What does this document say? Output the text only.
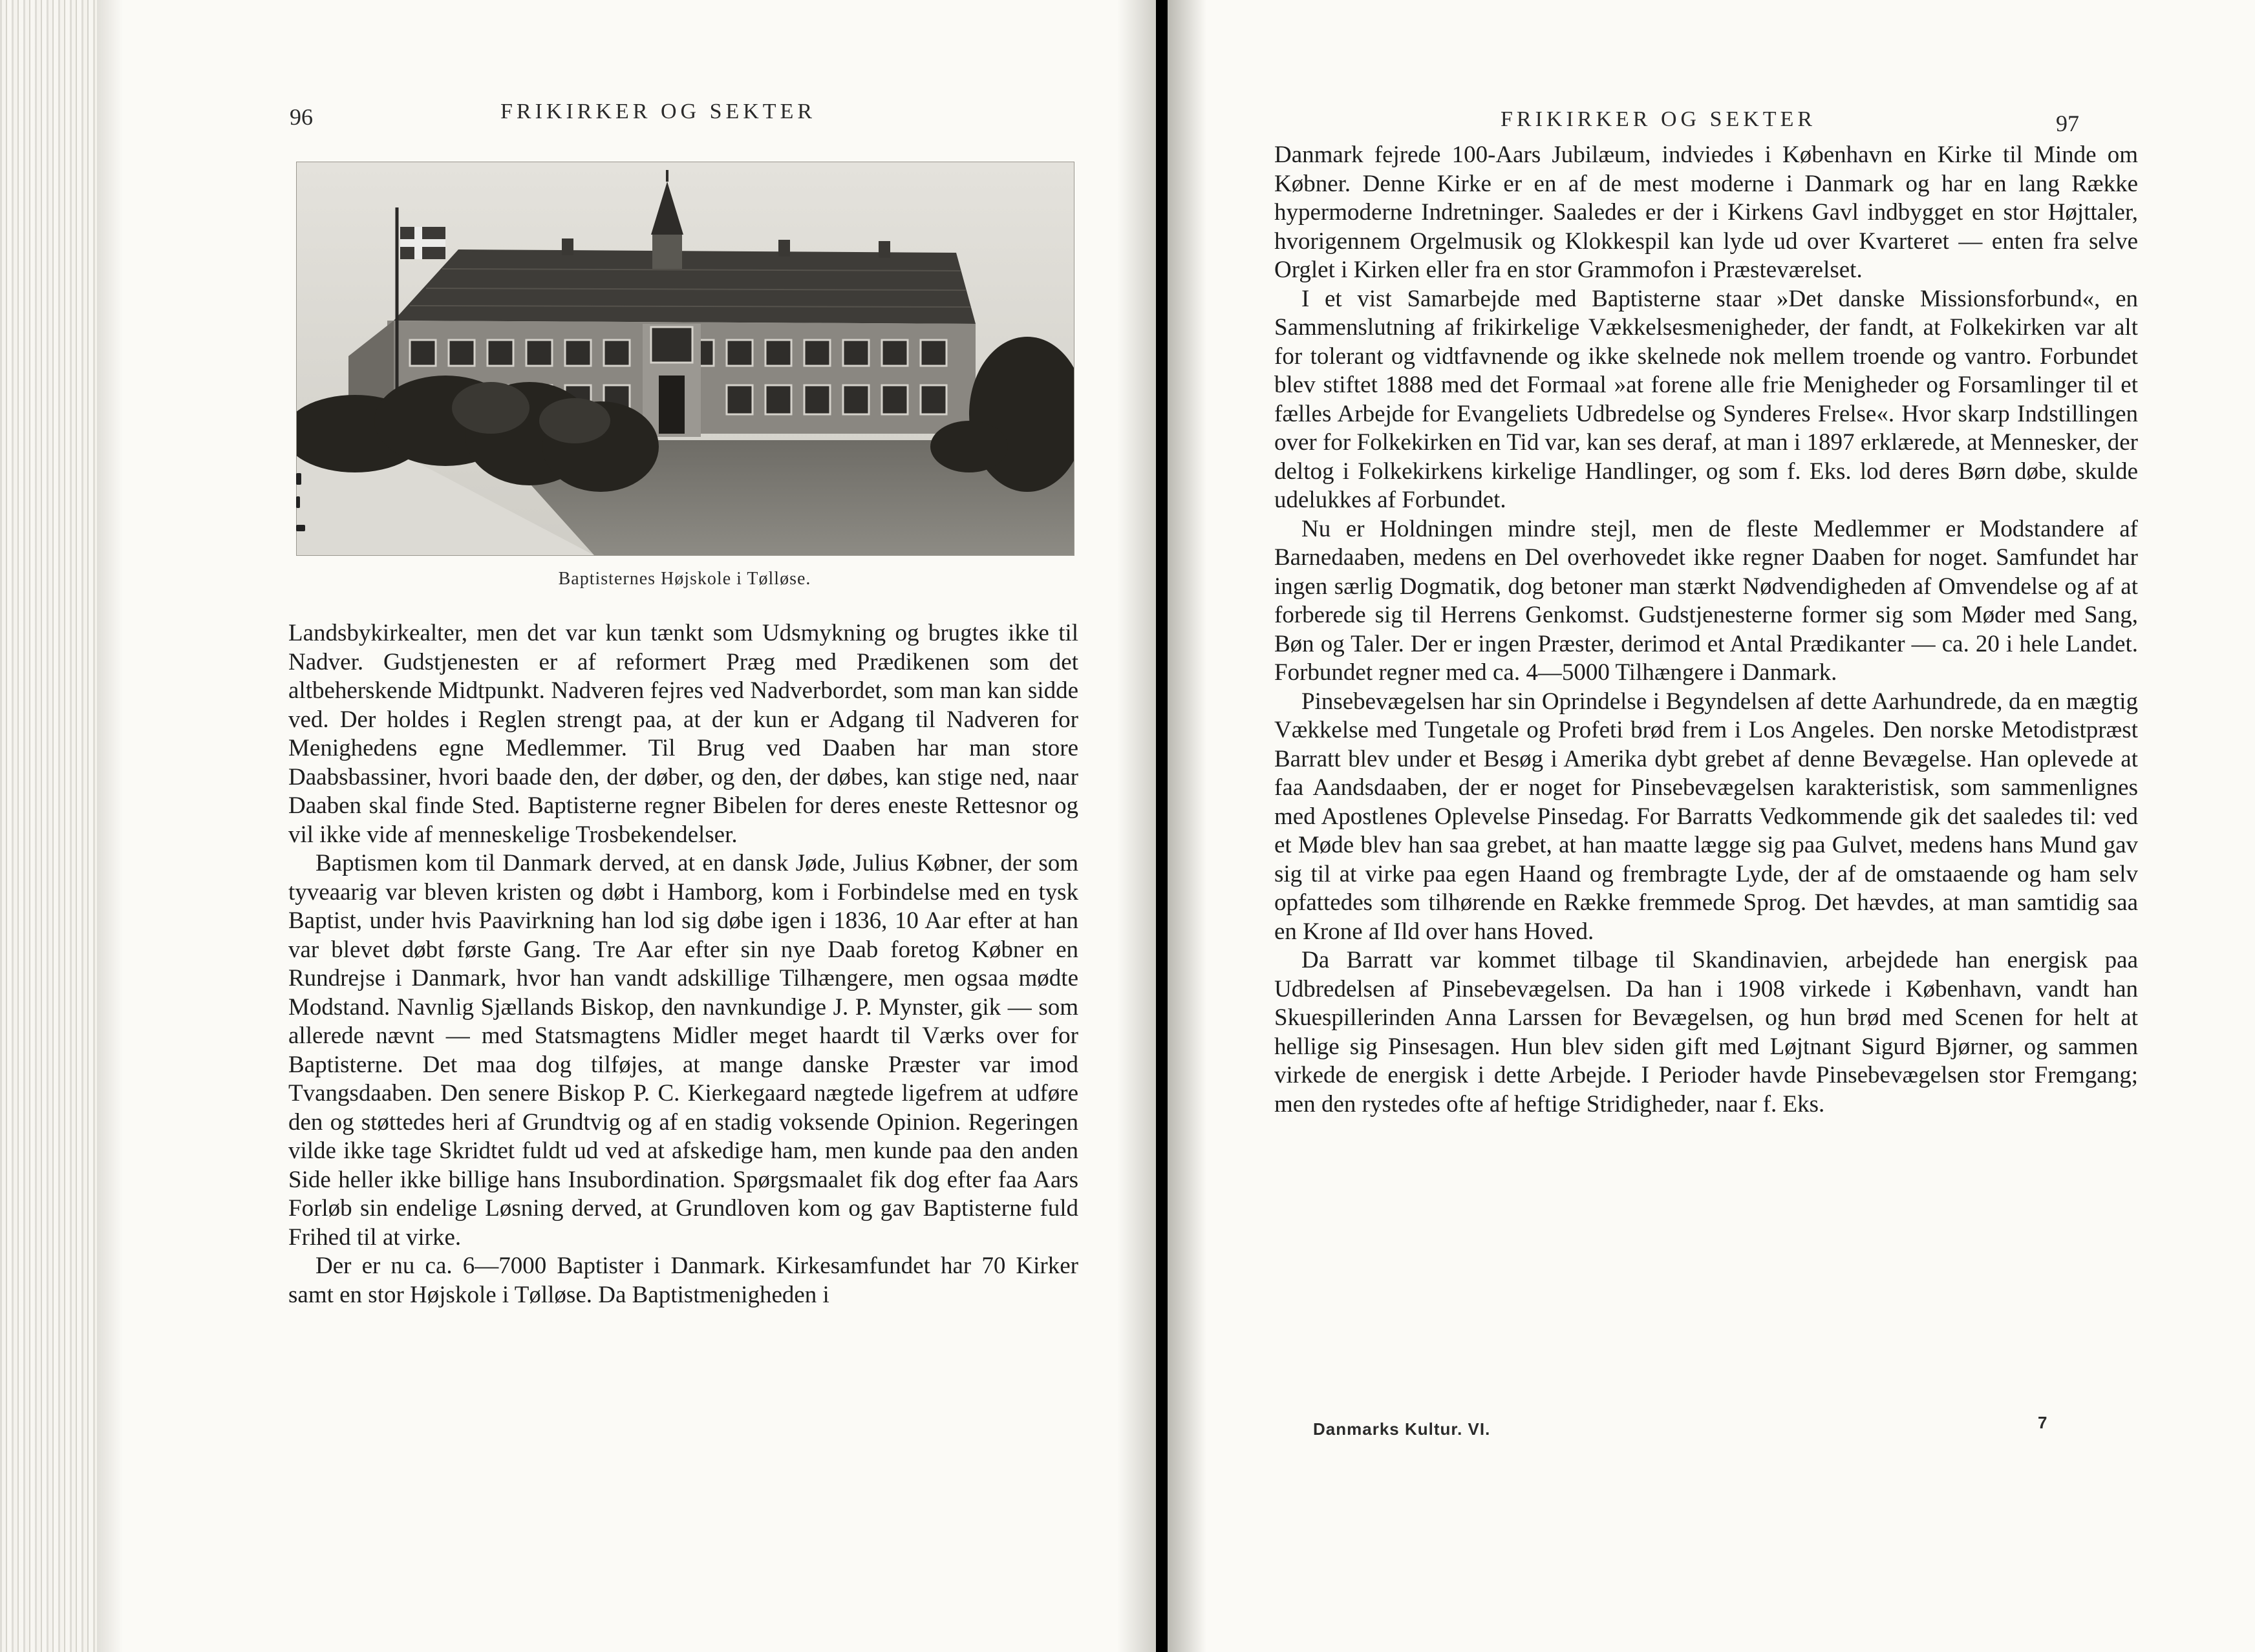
96	FRIKIRKER OG SEKTER
Baptisternes Højskole i Tølløse.

Landsbykirkealter, men det var kun tænkt som Udsmykning og brugtes ikke til Nadver. Gudstjenesten er af reformert Præg med Prædikenen som det altbeherskende Midtpunkt. Nadveren fejres ved Nadverbordet, som man kan sidde ved. Der holdes i Reglen strengt paa, at der kun er Adgang til Nadveren for Menighedens egne Medlemmer. Til Brug ved Daaben har man store Daabsbassiner, hvori baade den, der døber, og den, der døbes, kan stige ned, naar Daaben skal finde Sted. Baptisterne regner Bibelen for deres eneste Rettesnor og vil ikke vide af menneskelige Trosbekendelser.

Baptismen kom til Danmark derved, at en dansk Jøde, Julius Købner, der som tyveaarig var bleven kristen og døbt i Hamborg, kom i Forbindelse med en tysk Baptist, under hvis Paavirkning han lod sig døbe igen i 1836, 10 Aar efter at han var blevet døbt første Gang. Tre Aar efter sin nye Daab foretog Købner en Rundrejse i Danmark, hvor han vandt adskillige Tilhængere, men ogsaa mødte Modstand. Navnlig Sjællands Biskop, den navnkundige J. P. Mynster, gik — som allerede nævnt — med Statsmagtens Midler meget haardt til Værks over for Baptisterne. Det maa dog tilføjes, at mange danske Præster var imod Tvangsdaaben. Den senere Biskop P. C. Kierkegaard nægtede ligefrem at udføre den og støttedes heri af Grundtvig og af en stadig voksende Opinion. Regeringen vilde ikke tage Skridtet fuldt ud ved at afskedige ham, men kunde paa den anden Side heller ikke billige hans Insubordination. Spørgsmaalet fik dog efter faa Aars Forløb sin endelige Løsning derved, at Grundloven kom og gav Baptisterne fuld Frihed til at virke.

Der er nu ca. 6—7000 Baptister i Danmark. Kirkesamfundet har 70 Kirker samt en stor Højskole i Tølløse. Da Baptistmenigheden i

FRIKIRKER OG SEKTER	97

Danmark fejrede 100-Aars Jubilæum, indviedes i København en Kirke til Minde om Købner. Denne Kirke er en af de mest moderne i Danmark og har en lang Række hypermoderne Indretninger. Saaledes er der i Kirkens Gavl indbygget en stor Højttaler, hvorigennem Orgelmusik og Klokkespil kan lyde ud over Kvarteret — enten fra selve Orglet i Kirken eller fra en stor Grammofon i Præsteværelset.

I et vist Samarbejde med Baptisterne staar »Det danske Missionsforbund«, en Sammenslutning af frikirkelige Vækkelsesmenigheder, der fandt, at Folkekirken var alt for tolerant og vidtfavnende og ikke skelnede nok mellem troende og vantro. Forbundet blev stiftet 1888 med det Formaal »at forene alle frie Menigheder og Forsamlinger til et fælles Arbejde for Evangeliets Udbredelse og Synderes Frelse«. Hvor skarp Indstillingen over for Folkekirken en Tid var, kan ses deraf, at man i 1897 erklærede, at Mennesker, der deltog i Folkekirkens kirkelige Handlinger, og som f. Eks. lod deres Børn døbe, skulde udelukkes af Forbundet.

Nu er Holdningen mindre stejl, men de fleste Medlemmer er Modstandere af Barnedaaben, medens en Del overhovedet ikke regner Daaben for noget. Samfundet har ingen særlig Dogmatik, dog betoner man stærkt Nødvendigheden af Omvendelse og af at forberede sig til Herrens Genkomst. Gudstjenesterne former sig som Møder med Sang, Bøn og Taler. Der er ingen Præster, derimod et Antal Prædikanter — ca. 20 i hele Landet. Forbundet regner med ca. 4—5000 Tilhængere i Danmark.

Pinsebevægelsen har sin Oprindelse i Begyndelsen af dette Aarhundrede, da en mægtig Vækkelse med Tungetale og Profeti brød frem i Los Angeles. Den norske Metodistpræst Barratt blev under et Besøg i Amerika dybt grebet af denne Bevægelse. Han oplevede at faa Aandsdaaben, der er noget for Pinsebevægelsen karakteristisk, som sammenlignes med Apostlenes Oplevelse Pinsedag. For Barratts Vedkommende gik det saaledes til: ved et Møde blev han saa grebet, at han maatte lægge sig paa Gulvet, medens hans Mund gav sig til at virke paa egen Haand og frembragte Lyde, der af de omstaaende og ham selv opfattedes som tilhørende en Række fremmede Sprog. Det hævdes, at man samtidig saa en Krone af Ild over hans Hoved.

Da Barratt var kommet tilbage til Skandinavien, arbejdede han energisk paa Udbredelsen af Pinsebevægelsen. Da han i 1908 virkede i København, vandt han Skuespillerinden Anna Larssen for Bevægelsen, og hun brød med Scenen for helt at hellige sig Pinsesagen. Hun blev siden gift med Løjtnant Sigurd Bjørner, og sammen virkede de energisk i dette Arbejde. I Perioder havde Pinsebevægelsen stor Fremgang; men den rystedes ofte af heftige Stridigheder, naar f. Eks.

Danmarks Kultur. VI.	7
